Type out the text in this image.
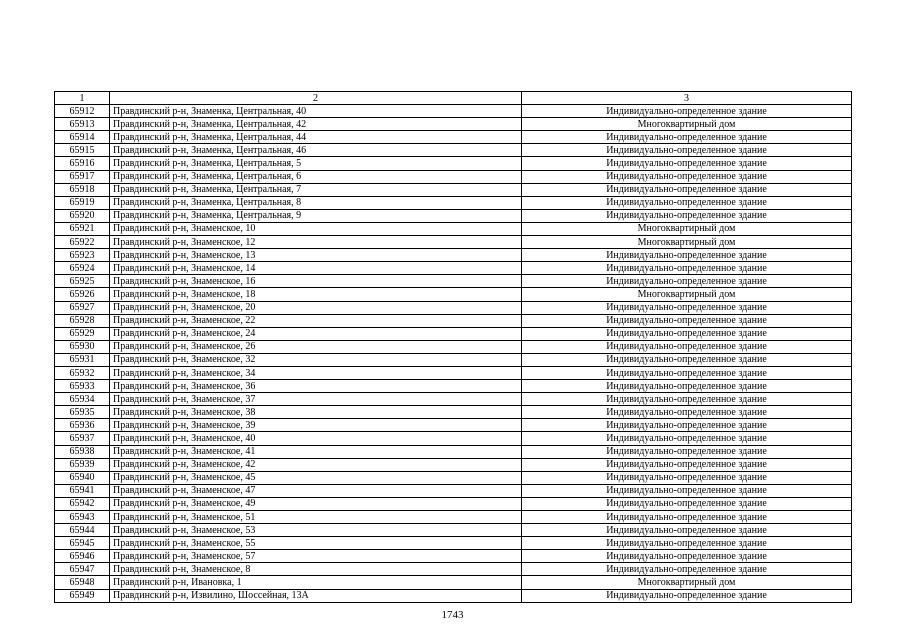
1	2	3
65912	Правдинский р-н, Знаменка, Центральная, 40	Индивидуально-определенное здание
65913	Правдинский р-н, Знаменка, Центральная, 42	Многоквартирный дом
65914	Правдинский р-н, Знаменка, Центральная, 44	Индивидуально-определенное здание
65915	Правдинский р-н, Знаменка, Центральная, 46	Индивидуально-определенное здание
65916	Правдинский р-н, Знаменка, Центральная, 5	Индивидуально-определенное здание
65917	Правдинский р-н, Знаменка, Центральная, 6	Индивидуально-определенное здание
65918	Правдинский р-н, Знаменка, Центральная, 7	Индивидуально-определенное здание
65919	Правдинский р-н, Знаменка, Центральная, 8	Индивидуально-определенное здание
65920	Правдинский р-н, Знаменка, Центральная, 9	Индивидуально-определенное здание
65921	Правдинский р-н, Знаменское, 10	Многоквартирный дом
65922	Правдинский р-н, Знаменское, 12	Многоквартирный дом
65923	Правдинский р-н, Знаменское, 13	Индивидуально-определенное здание
65924	Правдинский р-н, Знаменское, 14	Индивидуально-определенное здание
65925	Правдинский р-н, Знаменское, 16	Индивидуально-определенное здание
65926	Правдинский р-н, Знаменское, 18	Многоквартирный дом
65927	Правдинский р-н, Знаменское, 20	Индивидуально-определенное здание
65928	Правдинский р-н, Знаменское, 22	Индивидуально-определенное здание
65929	Правдинский р-н, Знаменское, 24	Индивидуально-определенное здание
65930	Правдинский р-н, Знаменское, 26	Индивидуально-определенное здание
65931	Правдинский р-н, Знаменское, 32	Индивидуально-определенное здание
65932	Правдинский р-н, Знаменское, 34	Индивидуально-определенное здание
65933	Правдинский р-н, Знаменское, 36	Индивидуально-определенное здание
65934	Правдинский р-н, Знаменское, 37	Индивидуально-определенное здание
65935	Правдинский р-н, Знаменское, 38	Индивидуально-определенное здание
65936	Правдинский р-н, Знаменское, 39	Индивидуально-определенное здание
65937	Правдинский р-н, Знаменское, 40	Индивидуально-определенное здание
65938	Правдинский р-н, Знаменское, 41	Индивидуально-определенное здание
65939	Правдинский р-н, Знаменское, 42	Индивидуально-определенное здание
65940	Правдинский р-н, Знаменское, 45	Индивидуально-определенное здание
65941	Правдинский р-н, Знаменское, 47	Индивидуально-определенное здание
65942	Правдинский р-н, Знаменское, 49	Индивидуально-определенное здание
65943	Правдинский р-н, Знаменское, 51	Индивидуально-определенное здание
65944	Правдинский р-н, Знаменское, 53	Индивидуально-определенное здание
65945	Правдинский р-н, Знаменское, 55	Индивидуально-определенное здание
65946	Правдинский р-н, Знаменское, 57	Индивидуально-определенное здание
65947	Правдинский р-н, Знаменское, 8	Индивидуально-определенное здание
65948	Правдинский р-н, Ивановка, 1	Многоквартирный дом
65949	Правдинский р-н, Извилино, Шоссейная, 13А	Индивидуально-определенное здание
1743
